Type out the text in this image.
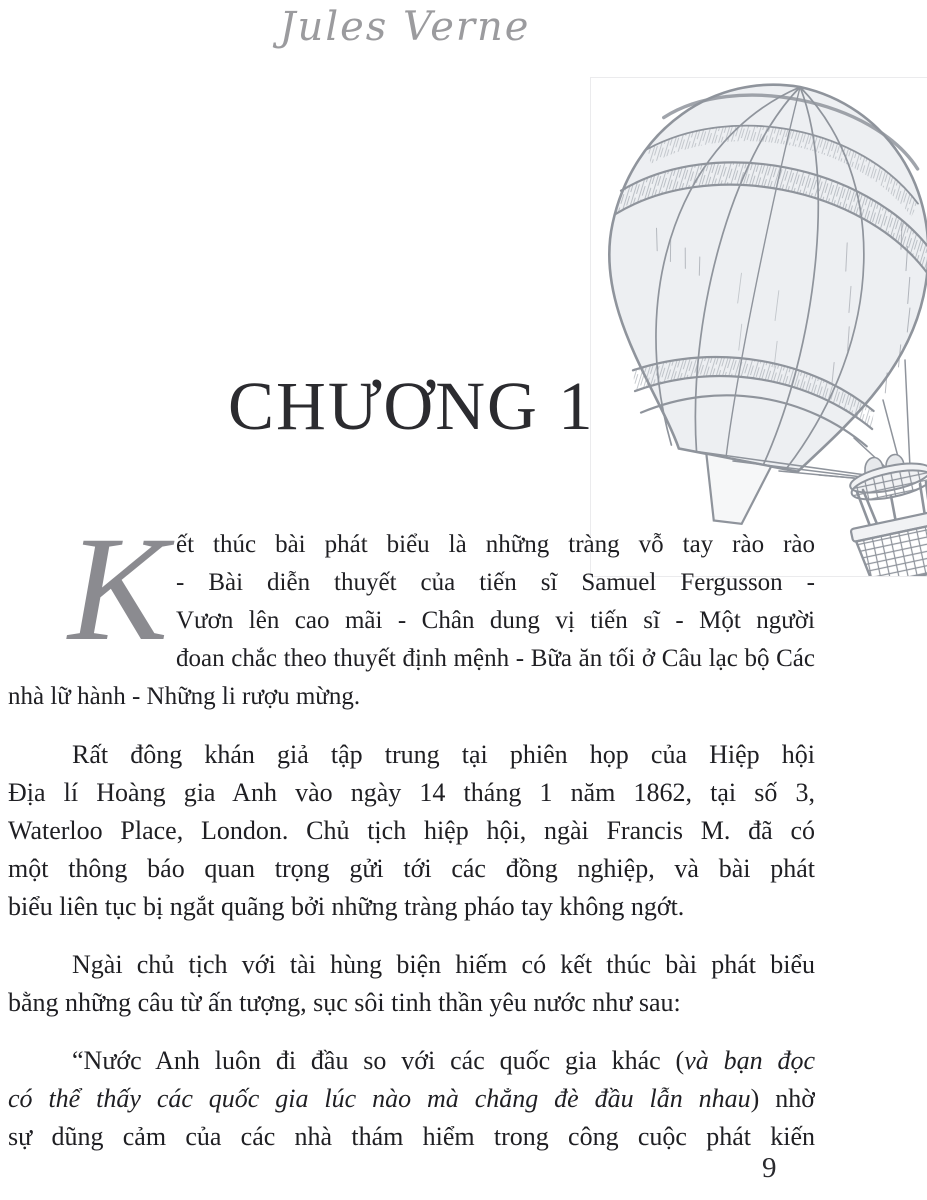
Jules Verne
CHƯƠNG 1
K ết thúc bài phát biểu là những tràng vỗ tay rào rào
- Bài diễn thuyết của tiến sĩ Samuel Fergusson -
Vươn lên cao mãi - Chân dung vị tiến sĩ - Một người
đoan chắc theo thuyết định mệnh - Bữa ăn tối ở Câu lạc bộ Các
nhà lữ hành - Những li rượu mừng.
Rất đông khán giả tập trung tại phiên họp của Hiệp hội
Địa lí Hoàng gia Anh vào ngày 14 tháng 1 năm 1862, tại số 3,
Waterloo Place, London. Chủ tịch hiệp hội, ngài Francis M. đã có
một thông báo quan trọng gửi tới các đồng nghiệp, và bài phát
biểu liên tục bị ngắt quãng bởi những tràng pháo tay không ngớt.
Ngài chủ tịch với tài hùng biện hiếm có kết thúc bài phát biểu
bằng những câu từ ấn tượng, sục sôi tinh thần yêu nước như sau:
“Nước Anh luôn đi đầu so với các quốc gia khác (và bạn đọc
có thể thấy các quốc gia lúc nào mà chẳng đè đầu lẫn nhau) nhờ
sự dũng cảm của các nhà thám hiểm trong công cuộc phát kiến
9
